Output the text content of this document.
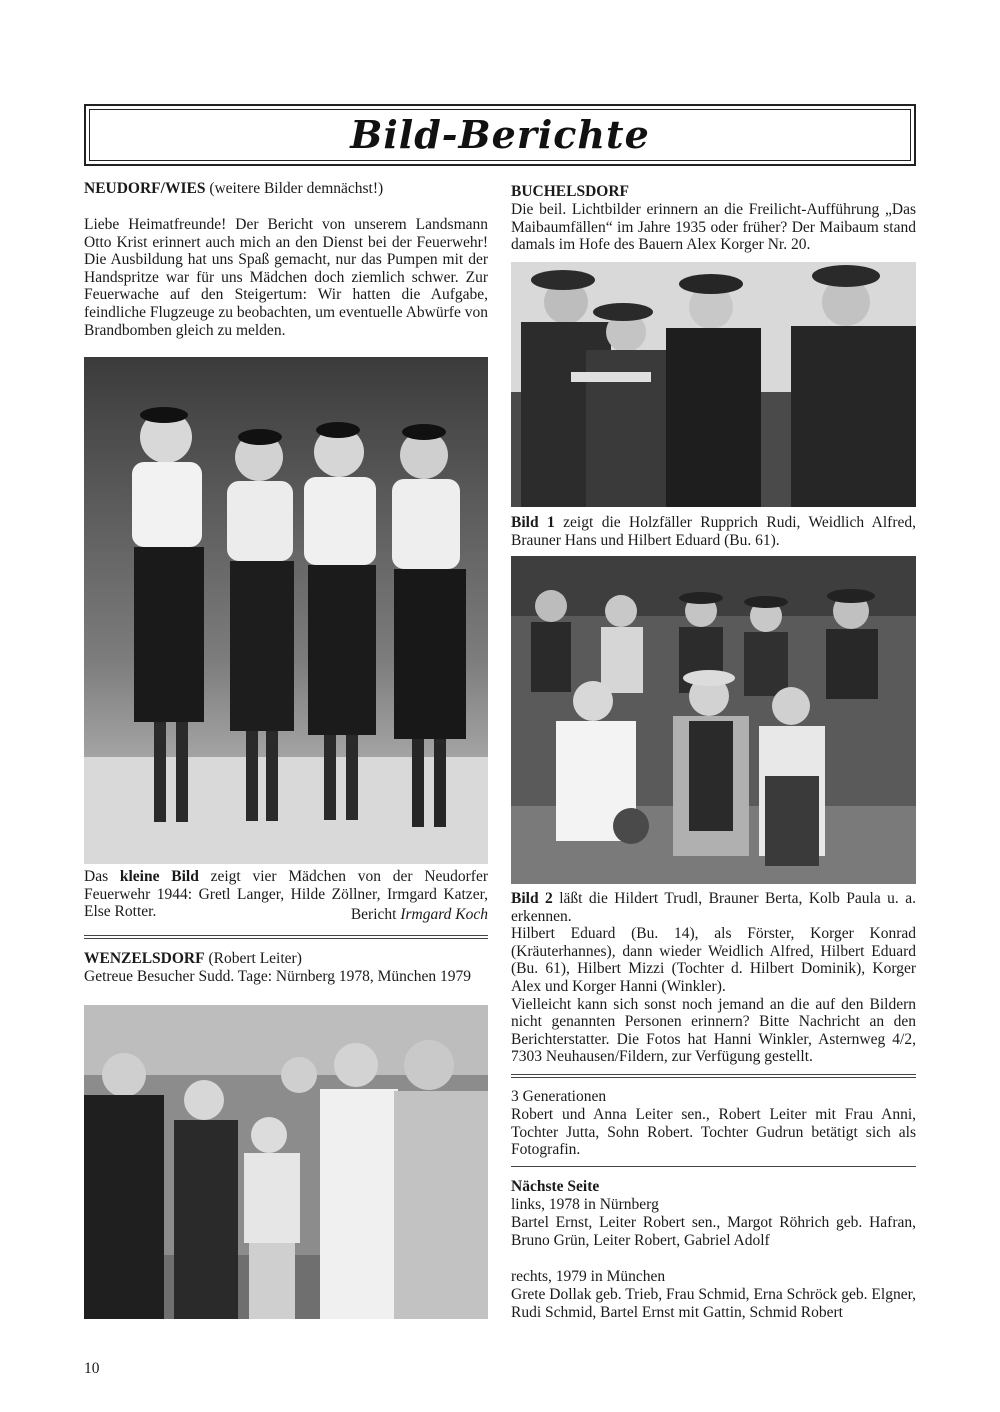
Bild-Berichte
NEUDORF/WIES (weitere Bilder demnächst!)
Liebe Heimatfreunde! Der Bericht von unserem Landsmann Otto Krist erinnert auch mich an den Dienst bei der Feuerwehr! Die Ausbildung hat uns Spaß gemacht, nur das Pumpen mit der Handspritze war für uns Mädchen doch ziemlich schwer. Zur Feuerwache auf den Steigertum: Wir hatten die Aufgabe, feindliche Flugzeuge zu beobachten, um eventuelle Abwürfe von Brandbomben gleich zu melden.
Das kleine Bild zeigt vier Mädchen von der Neudorfer Feuerwehr 1944: Gretl Langer, Hilde Zöllner, Irmgard Katzer, Else Rotter.	Bericht Irmgard Koch
WENZELSDORF (Robert Leiter)
Getreue Besucher Sudd. Tage: Nürnberg 1978, München 1979
10
BUCHELSDORF
Die beil. Lichtbilder erinnern an die Freilicht-Aufführung „Das Maibaumfällen“ im Jahre 1935 oder früher? Der Maibaum stand damals im Hofe des Bauern Alex Korger Nr. 20.
Bild 1 zeigt die Holzfäller Rupprich Rudi, Weidlich Alfred, Brauner Hans und Hilbert Eduard (Bu. 61).

Bild 2 läßt die Hildert Trudl, Brauner Berta, Kolb Paula u. a. erkennen.

Hilbert Eduard (Bu. 14), als Förster, Korger Konrad (Kräuterhannes), dann wieder Weidlich Alfred, Hilbert Eduard (Bu. 61), Hilbert Mizzi (Tochter d. Hilbert Dominik), Korger Alex und Korger Hanni (Winkler).

Vielleicht kann sich sonst noch jemand an die auf den Bildern nicht genannten Personen erinnern? Bitte Nachricht an den Berichterstatter. Die Fotos hat Hanni Winkler, Asternweg 4/2, 7303 Neuhausen/Fildern, zur Verfügung gestellt.

3 Generationen
Robert und Anna Leiter sen., Robert Leiter mit Frau Anni, Tochter Jutta, Sohn Robert. Tochter Gudrun betätigt sich als Fotografin.
Nächste Seite
links, 1978 in Nürnberg
Bartel Ernst, Leiter Robert sen., Margot Röhrich geb. Hafran, Bruno Grün, Leiter Robert, Gabriel Adolf
rechts, 1979 in München
Grete Dollak geb. Trieb, Frau Schmid, Erna Schröck geb. Elgner, Rudi Schmid, Bartel Ernst mit Gattin, Schmid Robert
